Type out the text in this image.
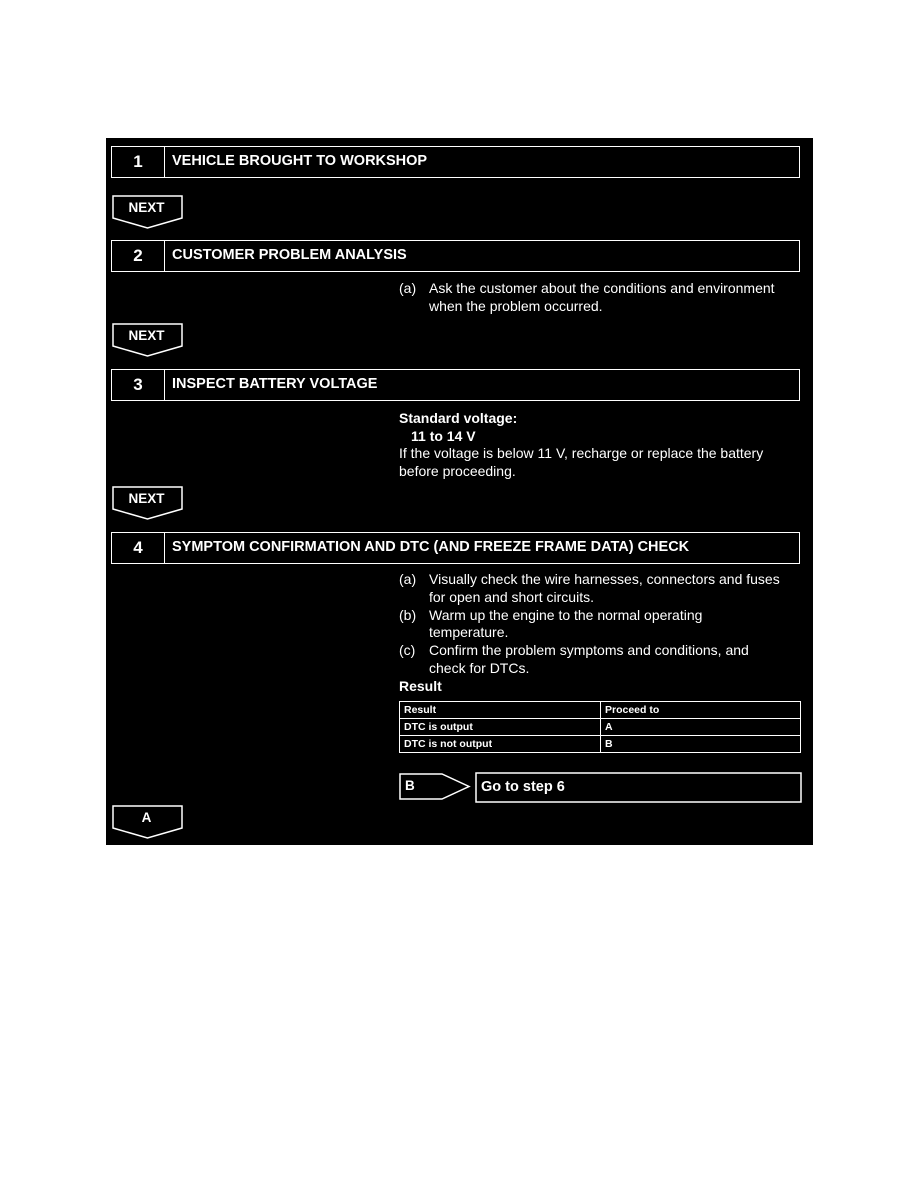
1	VEHICLE BROUGHT TO WORKSHOP
NEXT
2	CUSTOMER PROBLEM ANALYSIS
(a) Ask the customer about the conditions and environment
when the problem occurred.
NEXT
3	INSPECT BATTERY VOLTAGE
Standard voltage:
11 to 14 V
If the voltage is below 11 V, recharge or replace the battery
before proceeding.
NEXT
4	SYMPTOM CONFIRMATION AND DTC (AND FREEZE FRAME DATA) CHECK
(a) Visually check the wire harnesses, connectors and fuses
for open and short circuits.
(b) Warm up the engine to the normal operating
temperature.
(c) Confirm the problem symptoms and conditions, and
check for DTCs.
Result
Result	Proceed to
DTC is output	A
DTC is not output	B
B	Go to step 6
A
